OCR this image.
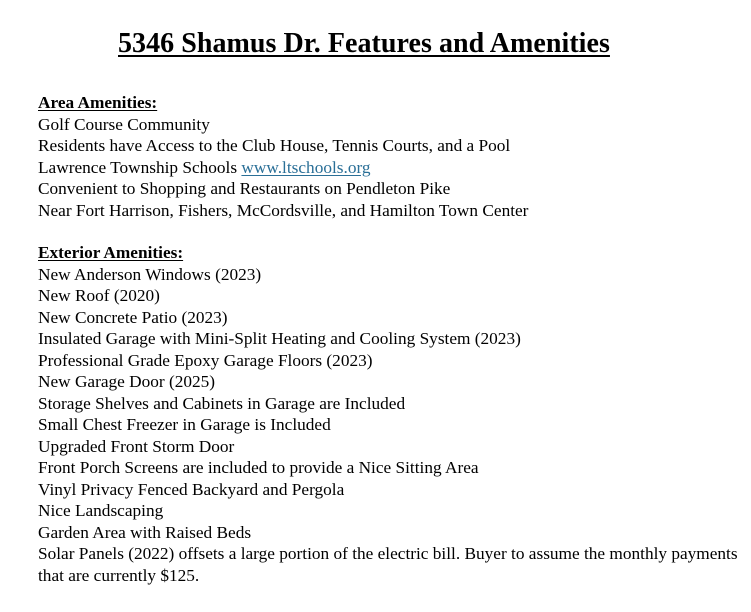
5346 Shamus Dr. Features and Amenities
Area Amenities:
Golf Course Community
Residents have Access to the Club House, Tennis Courts, and a Pool
Lawrence Township Schools www.ltschools.org
Convenient to Shopping and Restaurants on Pendleton Pike
Near Fort Harrison, Fishers, McCordsville, and Hamilton Town Center
Exterior Amenities:
New Anderson Windows (2023)
New Roof (2020)
New Concrete Patio (2023)
Insulated Garage with Mini-Split Heating and Cooling System (2023)
Professional Grade Epoxy Garage Floors (2023)
New Garage Door (2025)
Storage Shelves and Cabinets in Garage are Included
Small Chest Freezer in Garage is Included
Upgraded Front Storm Door
Front Porch Screens are included to provide a Nice Sitting Area
Vinyl Privacy Fenced Backyard and Pergola
Nice Landscaping
Garden Area with Raised Beds
Solar Panels (2022) offsets a large portion of the electric bill. Buyer to assume the monthly payments that are currently $125.
